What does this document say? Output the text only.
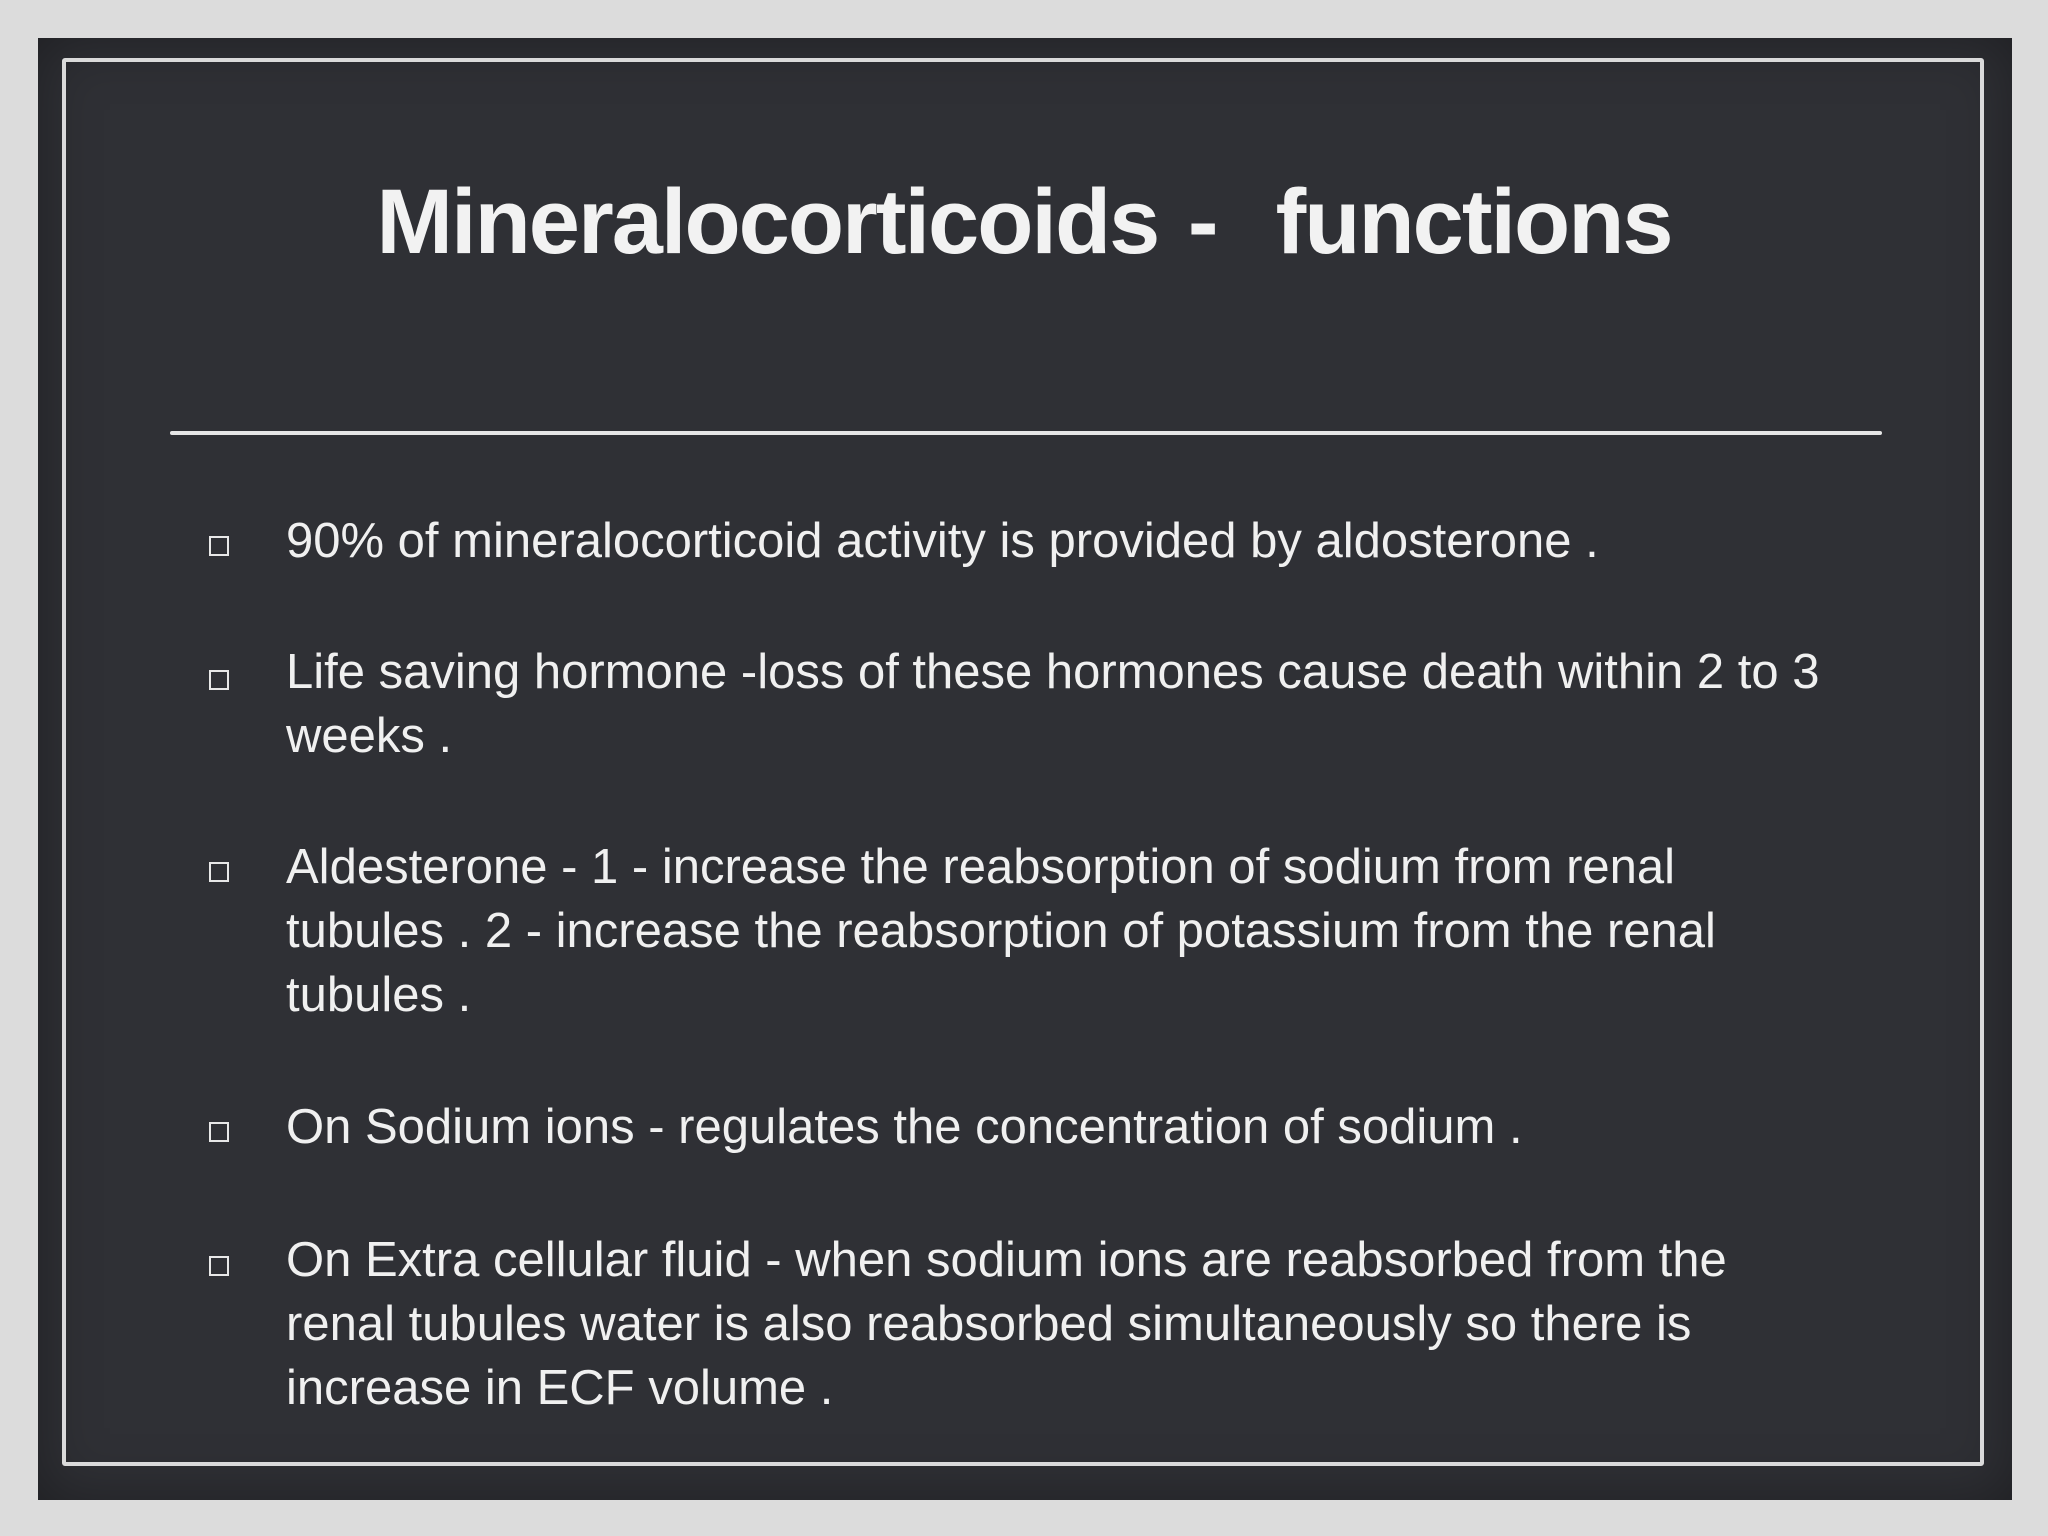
Mineralocorticoids -  functions

90% of mineralocorticoid activity is provided by aldosterone .

Life saving hormone -loss of these hormones cause death within 2 to 3 weeks .

Aldesterone - 1 - increase the reabsorption of sodium from renal tubules . 2 - increase the reabsorption of potassium from the renal tubules .

On Sodium ions - regulates the concentration of sodium .

On Extra cellular fluid - when sodium ions are reabsorbed from the renal tubules water is also reabsorbed simultaneously so there is increase in ECF volume .
